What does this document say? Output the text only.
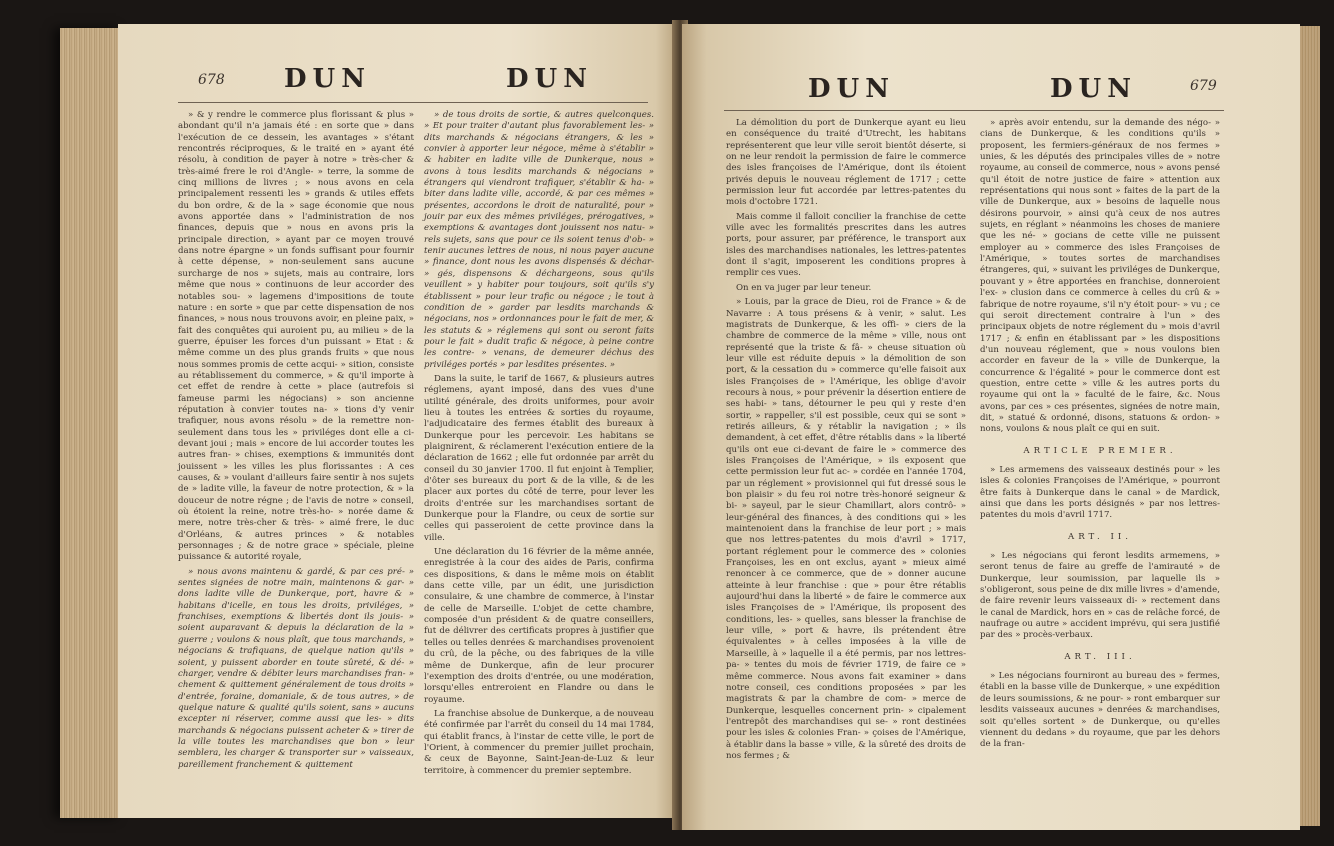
678 DUN	DUN

» & y rendre le commerce plus florissant & plus » abondant qu'il n'a jamais été : en sorte que » dans l'exécution de ce dessein, les avantages » s'étant rencontrés réciproques, & le traité en » ayant été résolu, à condition de payer à notre » très-cher & très-aimé frere le roi d'Angle- » terre, la somme de cinq millions de livres ; » nous avons en cela principalement ressenti les » grands & utiles effets du bon ordre, & de la » sage économie que nous avons apportée dans » l'administration de nos finances, depuis que » nous en avons pris la principale direction, » ayant par ce moyen trouvé dans notre épargne » un fonds suffisant pour fournir à cette dépense, » non-seulement sans aucune surcharge de nos » sujets, mais au contraire, lors même que nous » continuons de leur accorder des notables sou- » lagemens d'impositions de toute nature : en sorte » que par cette dispensation de nos finances, » nous nous trouvons avoir, en pleine paix, » fait des conquêtes qui auroient pu, au milieu » de la guerre, épuiser les forces d'un puissant » Etat : & même comme un des plus grands fruits » que nous nous sommes promis de cette acqui- » sition, consiste au rétablissement du commerce, » & qu'il importe à cet effet de rendre à cette » place (autrefois si fameuse parmi les négocians) » son ancienne réputation à convier toutes na- » tions d'y venir trafiquer, nous avons résolu » de la remettre non-seulement dans tous les » priviléges dont elle a ci-devant joui ; mais » encore de lui accorder toutes les autres fran- » chises, exemptions & immunités dont jouissent » les villes les plus florissantes : A ces causes, & » voulant d'ailleurs faire sentir à nos sujets de » ladite ville, la faveur de notre protection, & » la douceur de notre régne ; de l'avis de notre » conseil, où étoient la reine, notre très-ho- » norée dame & mere, notre très-cher & très- » aimé frere, le duc d'Orléans, & autres princes » & notables personnages ; & de notre grace » spéciale, pleine puissance & autorité royale,

» nous avons maintenu & gardé, & par ces pré- » sentes signées de notre main, maintenons & gar- » dons ladite ville de Dunkerque, port, havre & » habitans d'icelle, en tous les droits, priviléges, » franchises, exemptions & libertés dont ils jouis- » soient auparavant & depuis la déclaration de la » guerre ; voulons & nous plaît, que tous marchands, » négocians & trafiquans, de quelque nation qu'ils » soient, y puissent aborder en toute sûreté, & dé- » charger, vendre & débiter leurs marchandises fran- » chement & quittement généralement de tous droits » d'entrée, foraine, domaniale, & de tous autres, » de quelque nature & qualité qu'ils soient, sans » aucuns excepter ni réserver, comme aussi que les- » dits marchands & négocians puissent acheter & » tirer de la ville toutes les marchandises que bon » leur semblera, les charger & transporter sur » vaisseaux, pareillement franchement & quittement

» de tous droits de sortie, & autres quelconques. » Et pour traiter d'autant plus favorablement les- » dits marchands & négocians étrangers, & les » convier à apporter leur négoce, même à s'établir » & habiter en ladite ville de Dunkerque, nous » avons à tous lesdits marchands & négocians » étrangers qui viendront trafiquer, s'établir & ha- » biter dans ladite ville, accordé, & par ces mêmes » présentes, accordons le droit de naturalité, pour » jouir par eux des mêmes priviléges, prérogatives, » exemptions & avantages dont jouissent nos natu- » rels sujets, sans que pour ce ils soient tenus d'ob- » tenir aucunes lettres de nous, ni nous payer aucune » finance, dont nous les avons dispensés & déchar- » gés, dispensons & déchargeons, sous qu'ils veuillent » y habiter pour toujours, soit qu'ils s'y établissent » pour leur trafic ou négoce ; le tout à condition de » garder par lesdits marchands & négocians, nos » ordonnances pour le fait de mer, & les statuts & » réglemens qui sont ou seront faits pour le fait » dudit trafic & négoce, à peine contre les contre- » venans, de demeurer déchus des priviléges portés » par lesdites présentes. »

Dans la suite, le tarif de 1667, & plusieurs autres réglemens, ayant imposé, dans des vues d'une utilité générale, des droits uniformes, pour avoir lieu à toutes les entrées & sorties du royaume, l'adjudicataire des fermes établit des bureaux à Dunkerque pour les percevoir. Les habitans se plaignirent, & réclamerent l'exécution entiere de la déclaration de 1662 ; elle fut ordonnée par arrêt du conseil du 30 janvier 1700. Il fut enjoint à Templier, d'ôter ses bureaux du port & de la ville, & de les placer aux portes du côté de terre, pour lever les droits d'entrée sur les marchandises sortant de Dunkerque pour la Flandre, ou ceux de sortie sur celles qui passeroient de cette province dans la ville.

Une déclaration du 16 février de la même année, enregistrée à la cour des aides de Paris, confirma ces dispositions, & dans le même mois on établit dans cette ville, par un édit, une jurisdiction consulaire, & une chambre de commerce, à l'instar de celle de Marseille. L'objet de cette chambre, composée d'un président & de quatre conseillers, fut de délivrer des certificats propres à justifier que telles ou telles denrées & marchandises provenoient du crû, de la pêche, ou des fabriques de la ville même de Dunkerque, afin de leur procurer l'exemption des droits d'entrée, ou une modération, lorsqu'elles entreroient en Flandre ou dans le royaume.

La franchise absolue de Dunkerque, a de nouveau été confirmée par l'arrêt du conseil du 14 mai 1784, qui établit francs, à l'instar de cette ville, le port de l'Orient, à commencer du premier juillet prochain, & ceux de Bayonne, Saint-Jean-de-Luz & leur territoire, à commencer du premier septembre.

DUN	DUN	679

La démolition du port de Dunkerque ayant eu lieu en conséquence du traité d'Utrecht, les habitans représenterent que leur ville seroit bientôt déserte, si on ne leur rendoit la permission de faire le commerce des isles françoises de l'Amérique, dont ils étoient privés depuis le nouveau réglement de 1717 ; cette permission leur fut accordée par lettres-patentes du mois d'octobre 1721.

Mais comme il falloit concilier la franchise de cette ville avec les formalités prescrites dans les autres ports, pour assurer, par préférence, le transport aux isles des marchandises nationales, les lettres-patentes dont il s'agit, imposerent les conditions propres à remplir ces vues.

On en va juger par leur teneur.

» Louis, par la grace de Dieu, roi de France » & de Navarre : A tous présens & à venir, » salut. Les magistrats de Dunkerque, & les offi- » ciers de la chambre de commerce de la même » ville, nous ont représenté que la triste & fâ- » cheuse situation où leur ville est réduite depuis » la démolition de son port, & la cessation du » commerce qu'elle faisoit aux isles Françoises de » l'Amérique, les oblige d'avoir recours à nous, » pour prévenir la désertion entiere de ses habi- » tans, détourner le peu qui y reste d'en sortir, » rappeller, s'il est possible, ceux qui se sont » retirés ailleurs, & y rétablir la navigation ; » ils demandent, à cet effet, d'être rétablis dans » la liberté qu'ils ont eue ci-devant de faire le » commerce des isles Françoises de l'Amérique, » ils exposent que cette permission leur fut ac- » cordée en l'année 1704, par un réglement » provisionnel qui fut dressé sous le bon plaisir » du feu roi notre très-honoré seigneur & bi- » sayeul, par le sieur Chamillart, alors contrô- » leur-général des finances, à des conditions qui » les maintenoient dans la franchise de leur port ; » mais que nos lettres-patentes du mois d'avril » 1717, portant réglement pour le commerce des » colonies Françoises, les en ont exclus, ayant » mieux aimé renoncer à ce commerce, que de » donner aucune atteinte à leur franchise : que » pour être rétablis aujourd'hui dans la liberté » de faire le commerce aux isles Françoises de » l'Amérique, ils proposent des conditions, les- » quelles, sans blesser la franchise de leur ville, » port & havre, ils prétendent être équivalentes » à celles imposées à la ville de Marseille, à » laquelle il a été permis, par nos lettres-pa- » tentes du mois de février 1719, de faire ce » même commerce. Nous avons fait examiner » dans notre conseil, ces conditions proposées » par les magistrats & par la chambre de com- » merce de Dunkerque, lesquelles concernent prin- » cipalement l'entrepôt des marchandises qui se- » ront destinées pour les isles & colonies Fran- » çoises de l'Amérique, à établir dans la basse » ville, & la sûreté des droits de nos fermes ; &

» après avoir entendu, sur la demande des négo- » cians de Dunkerque, & les conditions qu'ils » proposent, les fermiers-généraux de nos fermes » unies, & les députés des principales villes de » notre royaume, au conseil de commerce, nous » avons pensé qu'il étoit de notre justice de faire » attention aux représentations qui nous sont » faites de la part de la ville de Dunkerque, aux » besoins de laquelle nous désirons pourvoir, » ainsi qu'à ceux de nos autres sujets, en réglant » néanmoins les choses de maniere que les né- » gocians de cette ville ne puissent employer au » commerce des isles Françoises de l'Amérique, » toutes sortes de marchandises étrangeres, qui, » suivant les priviléges de Dunkerque, pouvant y » être apportées en franchise, donneroient l'ex- » clusion dans ce commerce à celles du crû & » fabrique de notre royaume, s'il n'y étoit pour- » vu ; ce qui seroit directement contraire à l'un » des principaux objets de notre réglement du » mois d'avril 1717 ; & enfin en établissant par » les dispositions d'un nouveau réglement, que » nous voulons bien accorder en faveur de la » ville de Dunkerque, la concurrence & l'égalité » pour le commerce dont est question, entre cette » ville & les autres ports du royaume qui ont la » faculté de le faire, &c. Nous avons, par ces » ces présentes, signées de notre main, dit, » statué & ordonné, disons, statuons & ordon- » nons, voulons & nous plaît ce qui en suit.

ARTICLE PREMIER.

» Les armemens des vaisseaux destinés pour » les isles & colonies Françoises de l'Amérique, » pourront être faits à Dunkerque dans le canal » de Mardick, ainsi que dans les ports désignés » par nos lettres-patentes du mois d'avril 1717.

ART. II.

» Les négocians qui feront lesdits armemens, » seront tenus de faire au greffe de l'amirauté » de Dunkerque, leur soumission, par laquelle ils » s'obligeront, sous peine de dix mille livres » d'amende, de faire revenir leurs vaisseaux di- » rectement dans le canal de Mardick, hors en » cas de relâche forcé, de naufrage ou autre » accident imprévu, qui sera justifié par des » procès-verbaux.

ART. III.

» Les négocians fourniront au bureau des » fermes, établi en la basse ville de Dunkerque, » une expédition de leurs soumissions, & ne pour- » ront embarquer sur lesdits vaisseaux aucunes » denrées & marchandises, soit qu'elles sortent » de Dunkerque, ou qu'elles viennent du dedans » du royaume, que par les dehors de la fran-
